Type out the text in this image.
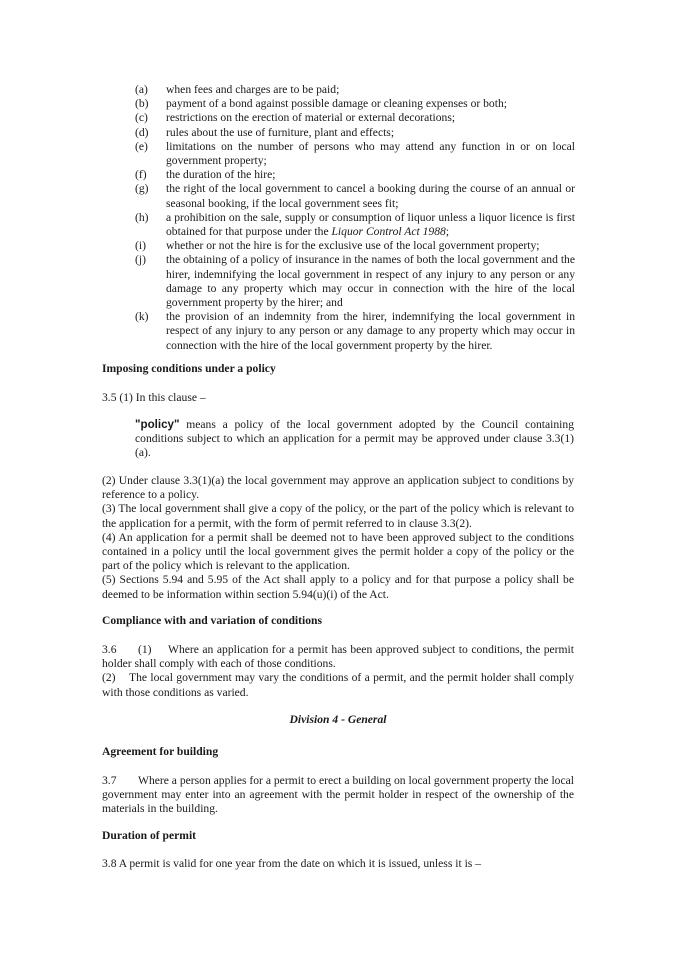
(a)	when fees and charges are to be paid;
(b)	payment of a bond against possible damage or cleaning expenses or both;
(c)	restrictions on the erection of material or external decorations;
(d)	rules about the use of furniture, plant and effects;
(e)	limitations on the number of persons who may attend any function in or on local government property;
(f)	the duration of the hire;
(g)	the right of the local government to cancel a booking during the course of an annual or seasonal booking, if the local government sees fit;
(h)	a prohibition on the sale, supply or consumption of liquor unless a liquor licence is first obtained for that purpose under the Liquor Control Act 1988;
(i)	whether or not the hire is for the exclusive use of the local government property;
(j)	the obtaining of a policy of insurance in the names of both the local government and the hirer, indemnifying the local government in respect of any injury to any person or any damage to any property which may occur in connection with the hire of the local government property by the hirer; and
(k)	the provision of an indemnity from the hirer, indemnifying the local government in respect of any injury to any person or any damage to any property which may occur in connection with the hire of the local government property by the hirer.
Imposing conditions under a policy
3.5 (1) In this clause –
"policy" means a policy of the local government adopted by the Council containing conditions subject to which an application for a permit may be approved under clause 3.3(1)(a).
(2) Under clause 3.3(1)(a) the local government may approve an application subject to conditions by reference to a policy.
(3) The local government shall give a copy of the policy, or the part of the policy which is relevant to the application for a permit, with the form of permit referred to in clause 3.3(2).
(4) An application for a permit shall be deemed not to have been approved subject to the conditions contained in a policy until the local government gives the permit holder a copy of the policy or the part of the policy which is relevant to the application.
(5) Sections 5.94 and 5.95 of the Act shall apply to a policy and for that purpose a policy shall be deemed to be information within section 5.94(u)(i) of the Act.
Compliance with and variation of conditions
3.6 (1) Where an application for a permit has been approved subject to conditions, the permit holder shall comply with each of those conditions.
(2) The local government may vary the conditions of a permit, and the permit holder shall comply with those conditions as varied.
Division 4 - General
Agreement for building
3.7 Where a person applies for a permit to erect a building on local government property the local government may enter into an agreement with the permit holder in respect of the ownership of the materials in the building.
Duration of permit
3.8 A permit is valid for one year from the date on which it is issued, unless it is –
